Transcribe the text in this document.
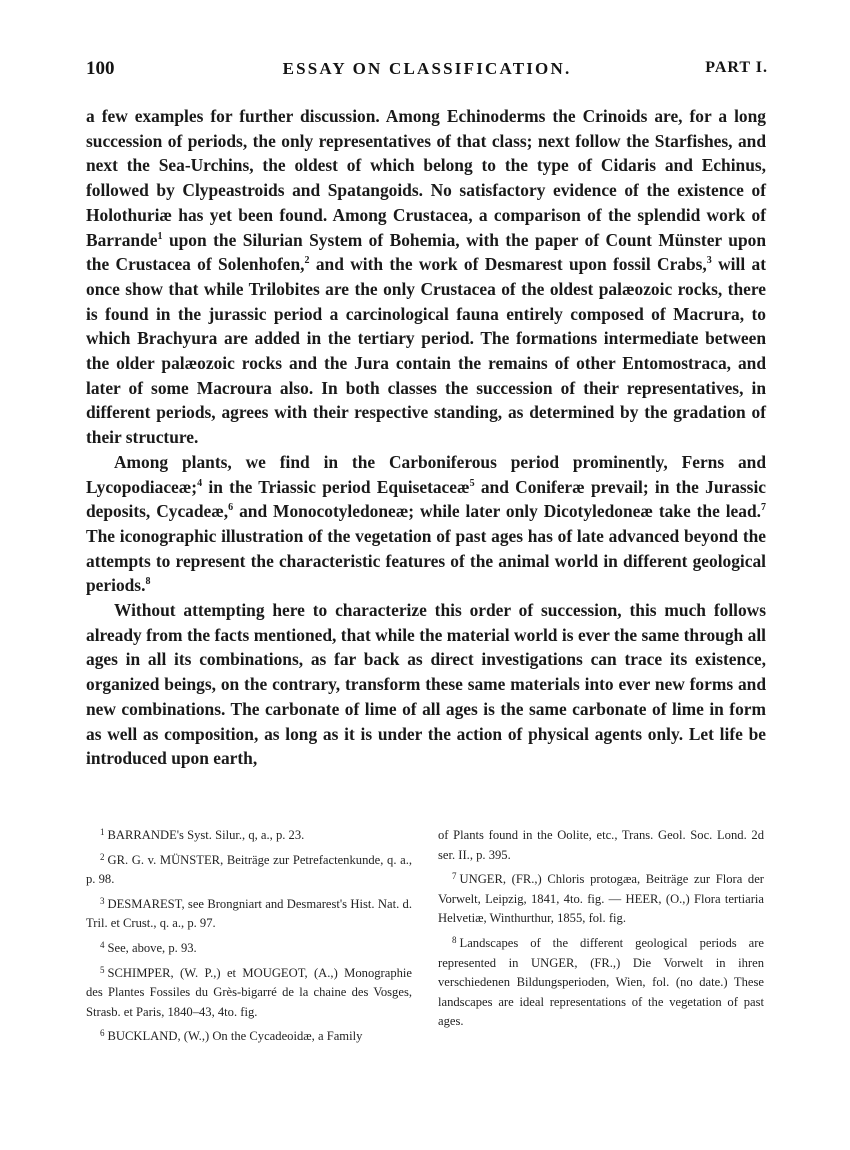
100	ESSAY ON CLASSIFICATION.	PART I.

a few examples for further discussion. Among Echinoderms the Crinoids are, for a long succession of periods, the only representatives of that class; next follow the Starfishes, and next the Sea-Urchins, the oldest of which belong to the type of Cidaris and Echinus, followed by Clypeastroids and Spatangoids. No satisfactory evidence of the existence of Holothuriæ has yet been found. Among Crustacea, a comparison of the splendid work of Barrande$^1$ upon the Silurian System of Bohemia, with the paper of Count Münster upon the Crustacea of Solenhofen,$^2$ and with the work of Desmarest upon fossil Crabs,$^3$ will at once show that while Trilobites are the only Crustacea of the oldest palæozoic rocks, there is found in the jurassic period a carcinological fauna entirely composed of Macrura, to which Brachyura are added in the tertiary period. The formations intermediate between the older palæozoic rocks and the Jura contain the remains of other Entomostraca, and later of some Macroura also. In both classes the succession of their representatives, in different periods, agrees with their respective standing, as determined by the gradation of their structure.

Among plants, we find in the Carboniferous period prominently, Ferns and Lycopodiaceæ;$^4$ in the Triassic period Equisetaceæ$^5$ and Coniferæ prevail; in the Jurassic deposits, Cycadeæ,$^6$ and Monocotyledoneæ; while later only Dicotyledoneæ take the lead.$^7$ The iconographic illustration of the vegetation of past ages has of late advanced beyond the attempts to represent the characteristic features of the animal world in different geological periods.$^8$

Without attempting here to characterize this order of succession, this much follows already from the facts mentioned, that while the material world is ever the same through all ages in all its combinations, as far back as direct investigations can trace its existence, organized beings, on the contrary, transform these same materials into ever new forms and new combinations. The carbonate of lime of all ages is the same carbonate of lime in form as well as composition, as long as it is under the action of physical agents only. Let life be introduced upon earth,

$^1$ BARRANDE's Syst. Silur., q, a., p. 23.

$^2$ GR. G. v. MÜNSTER, Beiträge zur Petrefactenkunde, q. a., p. 98.

$^3$ DESMAREST, see Brongniart and Desmarest's Hist. Nat. d. Tril. et Crust., q. a., p. 97.

$^4$ See, above, p. 93.

$^5$ SCHIMPER, (W. P.,) et MOUGEOT, (A.,) Monographie des Plantes Fossiles du Grès-bigarré de la chaine des Vosges, Strasb. et Paris, 1840–43, 4to. fig.

$^6$ BUCKLAND, (W.,) On the Cycadeoidæ, a Family

of Plants found in the Oolite, etc., Trans. Geol. Soc. Lond. 2d ser. II., p. 395.

$^7$ UNGER, (FR.,) Chloris protogæa, Beiträge zur Flora der Vorwelt, Leipzig, 1841, 4to. fig. — HEER, (O.,) Flora tertiaria Helvetiæ, Winthurthur, 1855, fol. fig.

$^8$ Landscapes of the different geological periods are represented in UNGER, (FR.,) Die Vorwelt in ihren verschiedenen Bildungsperioden, Wien, fol. (no date.) These landscapes are ideal representations of the vegetation of past ages.
